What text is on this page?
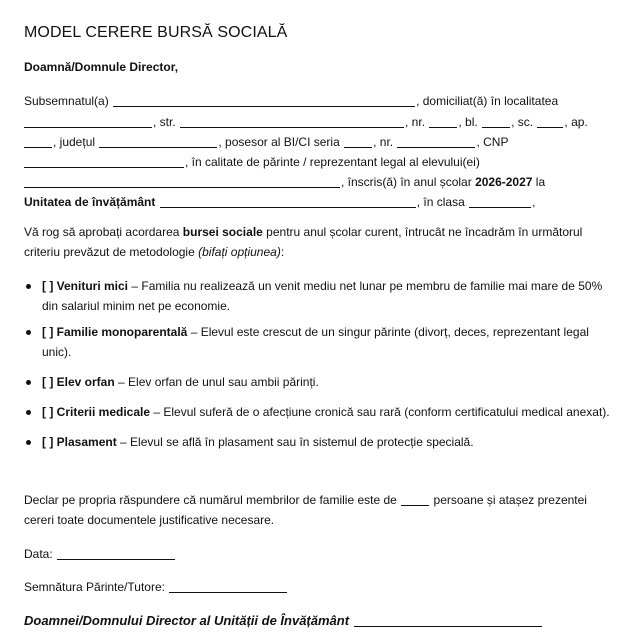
MODEL CERERE BURSĂ SOCIALĂ

Doamnă/Domnule Director,

Subsemnatul(a)	, domiciliat(ă) în localitatea
, str.	, nr.	, bl.	, sc.	, ap.
, județul	, posesor al BI/CI seria	, nr.	, CNP
, în calitate de părinte / reprezentant legal al elevului(ei)
, înscris(ă) în anul școlar 2026-2027 la
Unitatea de învățământ	, în clasa	,

Vă rog să aprobați acordarea bursei sociale pentru anul școlar curent, întrucât ne încadrăm în următorul criteriu prevăzut de metodologie (bifați opțiunea):

[ ] Venituri mici – Familia nu realizează un venit mediu net lunar pe membru de familie mai mare de 50% din salariul minim net pe economie.
[ ] Familie monoparentală – Elevul este crescut de un singur părinte (divorț, deces, reprezentant legal unic).
[ ] Elev orfan – Elev orfan de unul sau ambii părinți.
[ ] Criterii medicale – Elevul suferă de o afecțiune cronică sau rară (conform certificatului medical anexat).
[ ] Plasament – Elevul se află în plasament sau în sistemul de protecție specială.

Declar pe propria răspundere că numărul membrilor de familie este de	persoane și atașez prezentei cereri toate documentele justificative necesare.

Data:
Semnătura Părinte/Tutore:
Doamnei/Domnului Director al Unității de Învățământ
